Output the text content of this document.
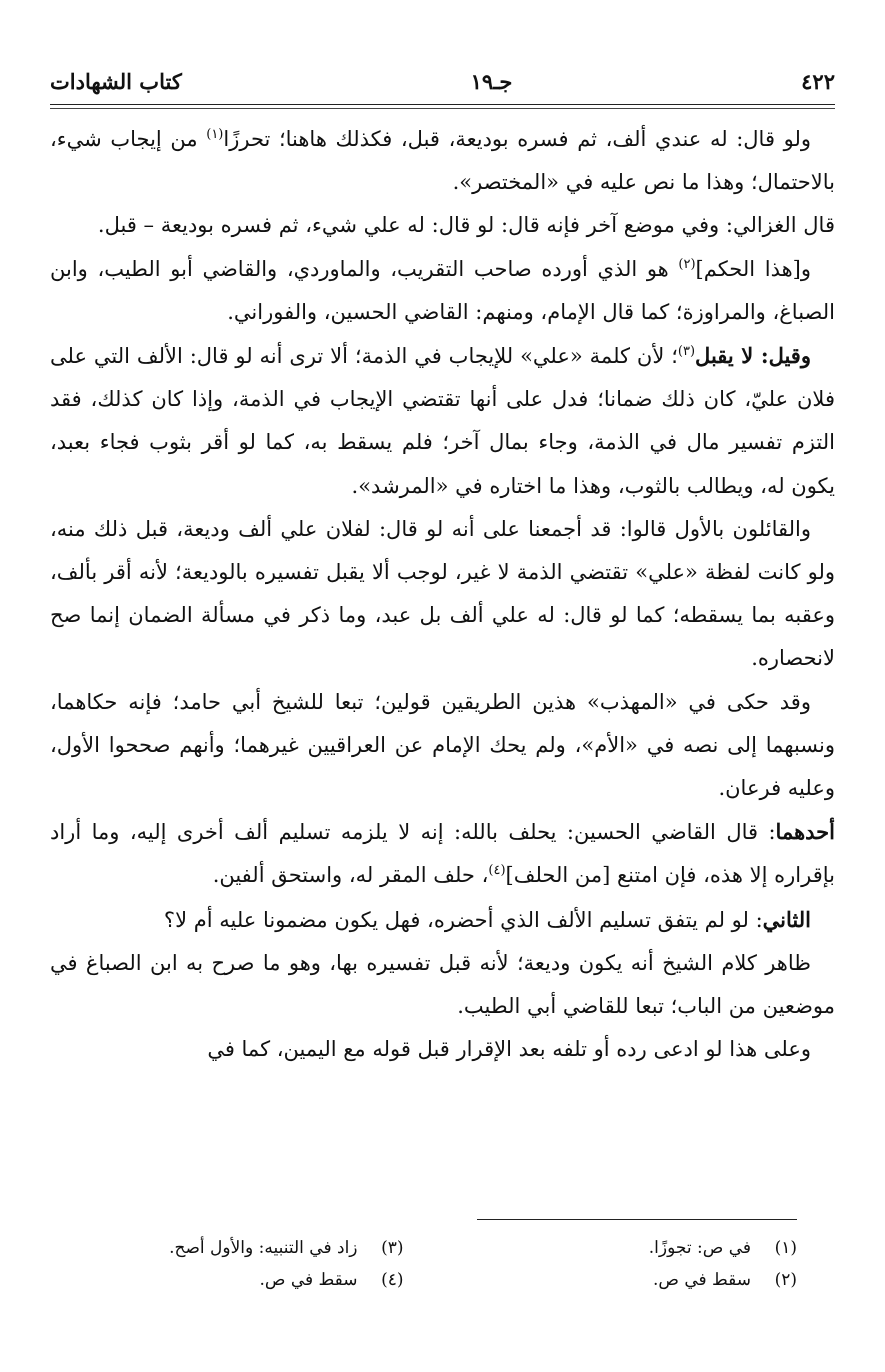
٤٢٢
جـ١٩
كتاب الشهادات

ولو قال: له عندي ألف، ثم فسره بوديعة، قبل، فكذلك هاهنا؛ تحرزًا$^{(١)}$ من إيجاب شيء، بالاحتمال؛ وهذا ما نص عليه في «المختصر».

قال الغزالي: وفي موضع آخر فإنه قال: لو قال: له علي شيء، ثم فسره بوديعة – قبل.

و[هذا الحكم]$^{(٢)}$ هو الذي أورده صاحب التقريب، والماوردي، والقاضي أبو الطيب، وابن الصباغ، والمراوزة؛ كما قال الإمام، ومنهم: القاضي الحسين، والفوراني.

وقيل: لا يقبل$^{(٣)}$؛ لأن كلمة «علي» للإيجاب في الذمة؛ ألا ترى أنه لو قال: الألف التي على فلان عليّ، كان ذلك ضمانا؛ فدل على أنها تقتضي الإيجاب في الذمة، وإذا كان كذلك، فقد التزم تفسير مال في الذمة، وجاء بمال آخر؛ فلم يسقط به، كما لو أقر بثوب فجاء بعبد، يكون له، ويطالب بالثوب، وهذا ما اختاره في «المرشد».

والقائلون بالأول قالوا: قد أجمعنا على أنه لو قال: لفلان علي ألف وديعة، قبل ذلك منه، ولو كانت لفظة «علي» تقتضي الذمة لا غير، لوجب ألا يقبل تفسيره بالوديعة؛ لأنه أقر بألف، وعقبه بما يسقطه؛ كما لو قال: له علي ألف بل عبد، وما ذكر في مسألة الضمان إنما صح لانحصاره.

وقد حكى في «المهذب» هذين الطريقين قولين؛ تبعا للشيخ أبي حامد؛ فإنه حكاهما، ونسبهما إلى نصه في «الأم»، ولم يحك الإمام عن العراقيين غيرهما؛ وأنهم صححوا الأول، وعليه فرعان.

أحدهما: قال القاضي الحسين: يحلف بالله: إنه لا يلزمه تسليم ألف أخرى إليه، وما أراد بإقراره إلا هذه، فإن امتنع [من الحلف]$^{(٤)}$، حلف المقر له، واستحق ألفين.

الثاني: لو لم يتفق تسليم الألف الذي أحضره، فهل يكون مضمونا عليه أم لا؟

ظاهر كلام الشيخ أنه يكون وديعة؛ لأنه قبل تفسيره بها، وهو ما صرح به ابن الصباغ في موضعين من الباب؛ تبعا للقاضي أبي الطيب.

وعلى هذا لو ادعى رده أو تلفه بعد الإقرار قبل قوله مع اليمين، كما في

(١)في ص: تجوزًا.
(٣)زاد في التنبيه: والأول أصح.
(٢)سقط في ص.
(٤)سقط في ص.
